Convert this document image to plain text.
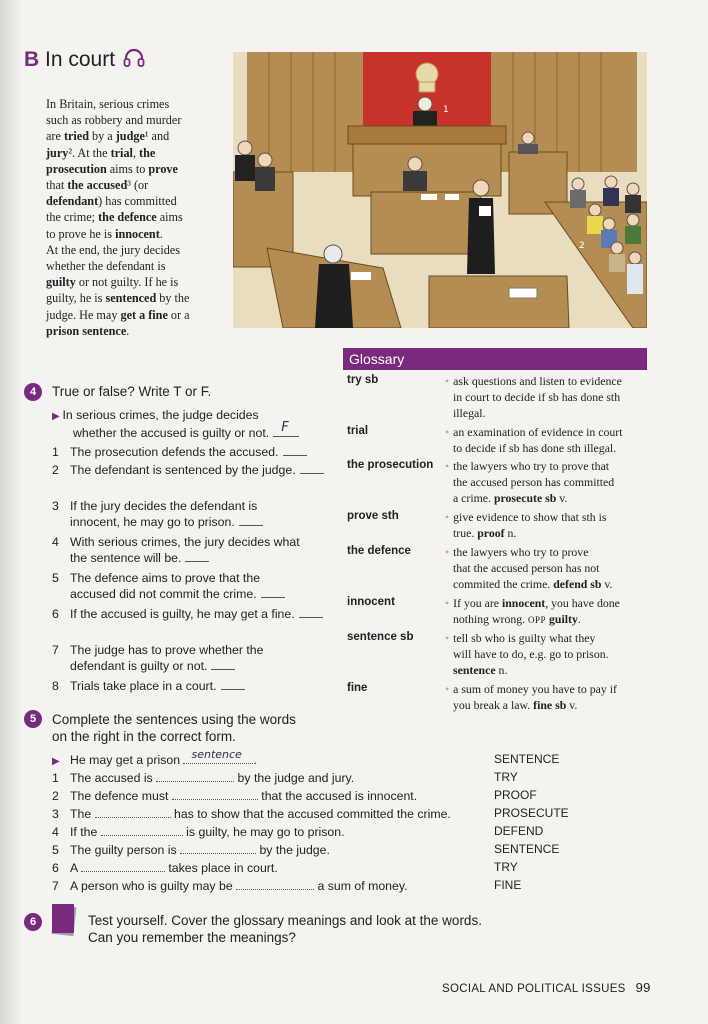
B In court
In Britain, serious crimes
such as robbery and murder
are tried by a judge¹ and
jury². At the trial, the
prosecution aims to prove
that the accused³ (or
defendant) has committed
the crime; the defence aims
to prove he is innocent.
At the end, the jury decides
whether the defendant is
guilty or not guilty. If he is
guilty, he is sentenced by the
judge. He may get a fine or a
prison sentence.
1
2
Glossary
try sb	• ask questions and listen to evidence
in court to decide if sb has done sth
illegal.
trial	• an examination of evidence in court
to decide if sb has done sth illegal.
the prosecution • the lawyers who try to prove that
the accused person has committed
a crime. prosecute sb v.
prove sth	• give evidence to show that sth is
true. proof n.
the defence	• the lawyers who try to prove
that the accused person has not
commited the crime. defend sb v.
innocent	• If you are innocent, you have done
nothing wrong. OPP guilty.
sentence sb	• tell sb who is guilty what they
will have to do, e.g. go to prison.
sentence n.
fine	• a sum of money you have to pay if
you break a law. fine sb v.
4	True or false? Write T or F.
▶ In serious crimes, the judge decides
whether the accused is guilty or not. F
1 The prosecution defends the accused.
2 The defendant is sentenced by the judge.
3 If the jury decides the defendant is
innocent, he may go to prison.
4 With serious crimes, the jury decides what
the sentence will be.
5 The defence aims to prove that the
accused did not commit the crime.
6 If the accused is guilty, he may get a fine.
7 The judge has to prove whether the
defendant is guilty or not.
8 Trials take place in a court.
5	Complete the sentences using the words
on the right in the correct form.
▶ He may get a prison sentence .	SENTENCE
1 The accused is	by the judge and jury.	TRY
2 The defence must	that the accused is innocent.	PROOF
3 The	has to show that the accused committed the crime.	PROSECUTE
4 If the	is guilty, he may go to prison.	DEFEND
5 The guilty person is	by the judge.	SENTENCE
6 A	takes place in court.	TRY
7 A person who is guilty may be	a sum of money.	FINE
6	Test yourself. Cover the glossary meanings and look at the words.
Can you remember the meanings?
SOCIAL AND POLITICAL ISSUES 99
